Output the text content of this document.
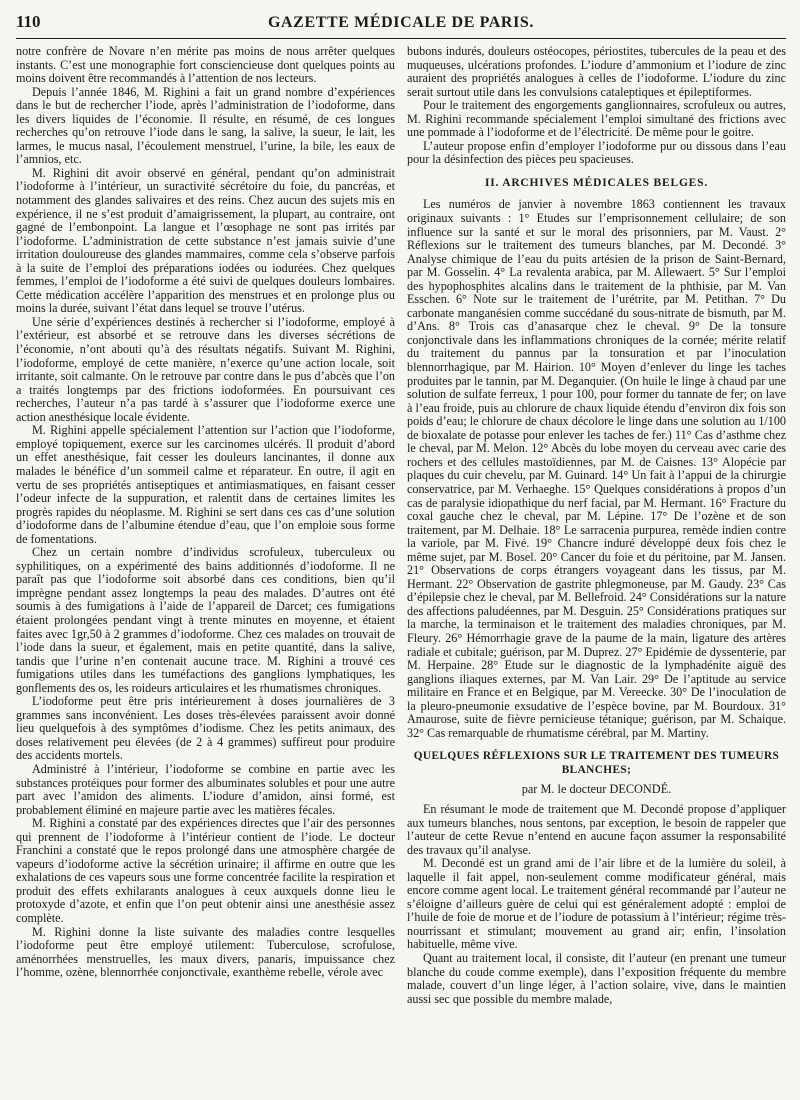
110	GAZETTE MÉDICALE DE PARIS.

notre confrère de Novare n’en mérite pas moins de nous arrêter quelques instants. C’est une monographie fort consciencieuse dont quelques points au moins doivent être recommandés à l’attention de nos lecteurs.

Depuis l’année 1846, M. Righini a fait un grand nombre d’expériences dans le but de rechercher l’iode, après l’administration de l’iodoforme, dans les divers liquides de l’économie. Il résulte, en résumé, de ces longues recherches qu’on retrouve l’iode dans le sang, la salive, la sueur, le lait, les larmes, le mucus nasal, l’écoulement menstruel, l’urine, la bile, les eaux de l’amnios, etc.

M. Righini dit avoir observé en général, pendant qu’on administrait l’iodoforme à l’intérieur, un suractivité sécrétoire du foie, du pancréas, et notamment des glandes salivaires et des reins. Chez aucun des sujets mis en expérience, il ne s’est produit d’amaigrissement, la plupart, au contraire, ont gagné de l’embonpoint. La langue et l’œsophage ne sont pas irrités par l’iodoforme. L’administration de cette substance n’est jamais suivie d’une irritation douloureuse des glandes mammaires, comme cela s’observe parfois à la suite de l’emploi des préparations iodées ou iodurées. Chez quelques femmes, l’emploi de l’iodoforme a été suivi de quelques douleurs lombaires. Cette médication accélère l’apparition des menstrues et en prolonge plus ou moins la durée, suivant l’état dans lequel se trouve l’utérus.

Une série d’expériences destinés à rechercher si l’iodoforme, employé à l’extérieur, est absorbé et se retrouve dans les diverses sécrétions de l’économie, n’ont abouti qu’à des résultats négatifs. Suivant M. Righini, l’iodoforme, employé de cette manière, n’exerce qu’une action locale, soit irritante, soit calmante. On le retrouve par contre dans le pus d’abcès que l’on a traités longtemps par des frictions iodoformées. En poursuivant ces recherches, l’auteur n’a pas tardé à s’assurer que l’iodoforme exerce une action anesthésique locale évidente.

M. Righini appelle spécialement l’attention sur l’action que l’iodoforme, employé topiquement, exerce sur les carcinomes ulcérés. Il produit d’abord un effet anesthésique, fait cesser les douleurs lancinantes, il donne aux malades le bénéfice d’un sommeil calme et réparateur. En outre, il agit en vertu de ses propriétés antiseptiques et antimiasmatiques, en faisant cesser l’odeur infecte de la suppuration, et ralentit dans de certaines limites les progrès rapides du néoplasme. M. Righini se sert dans ces cas d’une solution d’iodoforme dans de l’albumine étendue d’eau, que l’on emploie sous forme de fomentations.

Chez un certain nombre d’individus scrofuleux, tuberculeux ou syphilitiques, on a expérimenté des bains additionnés d’iodoforme. Il ne paraît pas que l’iodoforme soit absorbé dans ces conditions, bien qu’il imprègne pendant assez longtemps la peau des malades. D’autres ont été soumis à des fumigations à l’aide de l’appareil de Darcet; ces fumigations étaient prolongées pendant vingt à trente minutes en moyenne, et étaient faites avec 1gr,50 à 2 grammes d’iodoforme. Chez ces malades on trouvait de l’iode dans la sueur, et également, mais en petite quantité, dans la salive, tandis que l’urine n’en contenait aucune trace. M. Righini a trouvé ces fumigations utiles dans les tuméfactions des ganglions lymphatiques, les gonflements des os, les roideurs articulaires et les rhumatismes chroniques.

L’iodoforme peut être pris intérieurement à doses journalières de 3 grammes sans inconvénient. Les doses très-élevées paraissent avoir donné lieu quelquefois à des symptômes d’iodisme. Chez les petits animaux, des doses relativement peu élevées (de 2 à 4 grammes) suffireut pour produire des accidents mortels.

Administré à l’intérieur, l’iodoforme se combine en partie avec les substances protéiques pour former des albuminates solubles et pour une autre part avec l’amidon des aliments. L’iodure d’amidon, ainsi formé, est probablement éliminé en majeure partie avec les matières fécales.

M. Righini a constaté par des expériences directes que l’air des personnes qui prennent de l’iodoforme à l’intérieur contient de l’iode. Le docteur Franchini a constaté que le repos prolongé dans une atmosphère chargée de vapeurs d’iodoforme active la sécrétion urinaire; il affirme en outre que les exhalations de ces vapeurs sous une forme concentrée facilite la respiration et produit des effets exhilarants analogues à ceux auxquels donne lieu le protoxyde d’azote, et enfin que l’on peut obtenir ainsi une anesthésie assez complète.

M. Righini donne la liste suivante des maladies contre lesquelles l’iodoforme peut être employé utilement: Tuberculose, scrofulose, aménorrhées menstruelles, les maux divers, panaris, impuissance chez l’homme, ozène, blennorrhée conjonctivale, exanthème rebelle, vérole avec

bubons indurés, douleurs ostéocopes, périostites, tubercules de la peau et des muqueuses, ulcérations profondes. L’iodure d’ammonium et l’iodure de zinc auraient des propriétés analogues à celles de l’iodoforme. L’iodure du zinc serait surtout utile dans les convulsions cataleptiques et épileptiformes.

Pour le traitement des engorgements ganglionnaires, scrofuleux ou autres, M. Righini recommande spécialement l’emploi simultané des frictions avec une pommade à l’iodoforme et de l’électricité. De même pour le goitre.

L’auteur propose enfin d’employer l’iodoforme pur ou dissous dans l’eau pour la désinfection des pièces peu spacieuses.

II. ARCHIVES MÉDICALES BELGES.

Les numéros de janvier à novembre 1863 contiennent les travaux originaux suivants : 1° Etudes sur l’emprisonnement cellulaire; de son influence sur la santé et sur le moral des prisonniers, par M. Vaust. 2° Réflexions sur le traitement des tumeurs blanches, par M. Decondé. 3° Analyse chimique de l’eau du puits artésien de la prison de Saint-Bernard, par M. Gosselin. 4° La revalenta arabica, par M. Allewaert. 5° Sur l’emploi des hypophosphites alcalins dans le traitement de la phthisie, par M. Van Esschen. 6° Note sur le traitement de l’urétrite, par M. Petithan. 7° Du carbonate manganésien comme succédané du sous-nitrate de bismuth, par M. d’Ans. 8° Trois cas d’anasarque chez le cheval. 9° De la tonsure conjonctivale dans les inflammations chroniques de la cornée; mérite relatif du traitement du pannus par la tonsuration et par l’inoculation blennorrhagique, par M. Hairion. 10° Moyen d’enlever du linge les taches produites par le tannin, par M. Deganquier. (On huile le linge à chaud par une solution de sulfate ferreux, 1 pour 100, pour former du tannate de fer; on lave à l’eau froide, puis au chlorure de chaux liquide étendu d’environ dix fois son poids d’eau; le chlorure de chaux décolore le linge dans une solution au 1/100 de bioxalate de potasse pour enlever les taches de fer.) 11° Cas d’asthme chez le cheval, par M. Melon. 12° Abcès du lobe moyen du cerveau avec carie des rochers et des cellules mastoïdiennes, par M. de Caisnes. 13° Alopécie par plaques du cuir chevelu, par M. Guinard. 14° Un fait à l’appui de la chirurgie conservatrice, par M. Verhaeghe. 15° Quelques considérations à propos d’un cas de paralysie idiopathique du nerf facial, par M. Hermant. 16° Fracture du coxal gauche chez le cheval, par M. Lépine. 17° De l’ozène et de son traitement, par M. Delhaie. 18° Le sarracenia purpurea, remède indien contre la variole, par M. Fivé. 19° Chancre induré développé deux fois chez le même sujet, par M. Bosel. 20° Cancer du foie et du péritoine, par M. Jansen. 21° Observations de corps étrangers voyageant dans les tissus, par M. Hermant. 22° Observation de gastrite phlegmoneuse, par M. Gaudy. 23° Cas d’épilepsie chez le cheval, par M. Bellefroid. 24° Considérations sur la nature des affections paludéennes, par M. Desguin. 25° Considérations pratiques sur la marche, la terminaison et le traitement des maladies chroniques, par M. Fleury. 26° Hémorrhagie grave de la paume de la main, ligature des artères radiale et cubitale; guérison, par M. Duprez. 27° Epidémie de dyssenterie, par M. Herpaine. 28° Etude sur le diagnostic de la lymphadénite aiguë des ganglions iliaques externes, par M. Van Lair. 29° De l’aptitude au service militaire en France et en Belgique, par M. Vereecke. 30° De l’inoculation de la pleuro-pneumonie exsudative de l’espèce bovine, par M. Bourdoux. 31° Amaurose, suite de fièvre pernicieuse tétanique; guérison, par M. Schaique. 32° Cas remarquable de rhumatisme cérébral, par M. Martiny.

QUELQUES RÉFLEXIONS SUR LE TRAITEMENT DES TUMEURS BLANCHES;
par M. le docteur DECONDÉ.

En résumant le mode de traitement que M. Decondé propose d’appliquer aux tumeurs blanches, nous sentons, par exception, le besoin de rappeler que l’auteur de cette Revue n’entend en aucune façon assumer la responsabilité des travaux qu’il analyse.

M. Decondé est un grand ami de l’air libre et de la lumière du soleil, à laquelle il fait appel, non-seulement comme modificateur général, mais encore comme agent local. Le traitement général recommandé par l’auteur ne s’éloigne d’ailleurs guère de celui qui est généralement adopté : emploi de l’huile de foie de morue et de l’iodure de potassium à l’intérieur; régime très-nourrissant et stimulant; mouvement au grand air; enfin, l’insolation habituelle, même vive.

Quant au traitement local, il consiste, dit l’auteur (en prenant une tumeur blanche du coude comme exemple), dans l’exposition fréquente du membre malade, couvert d’un linge léger, à l’action solaire, vive, dans le maintien aussi sec que possible du membre malade,
